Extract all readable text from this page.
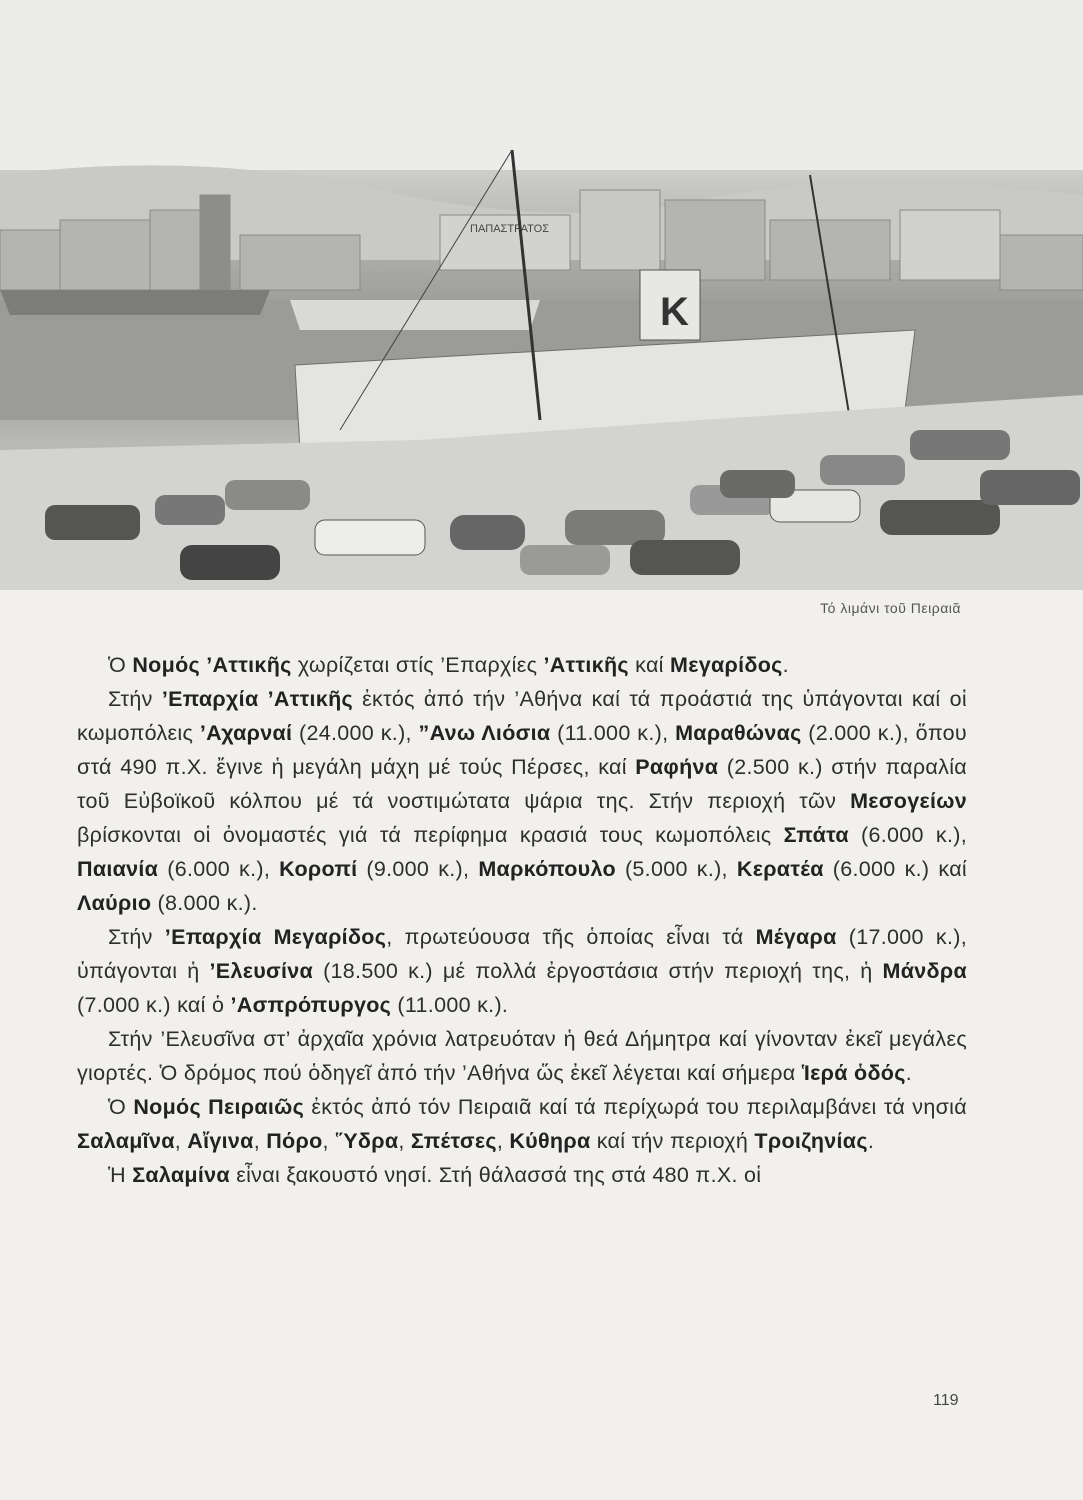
K
ΠΑΠΑΣΤΡΑΤΟΣ
Τό λιμάνι τοῦ Πειραιᾶ

Ὁ Νομός ’Αττικῆς χωρίζεται στίς ’Επαρχίες ’Αττικῆς καί Μεγαρίδος.

Στήν ’Επαρχία ’Αττικῆς ἐκτός ἀπό τήν ’Αθήνα καί τά προάστιά της ὑπάγονται καί οἱ κωμοπόλεις ’Αχαρναί (24.000 κ.), ”Ανω Λιόσια (11.000 κ.), Μαραθώνας (2.000 κ.), ὅπου στά 490 π.Χ. ἔγινε ἡ μεγάλη μάχη μέ τούς Πέρσες, καί Ραφήνα (2.500 κ.) στήν παραλία τοῦ Εὐβοϊκοῦ κόλπου μέ τά νοστιμώτατα ψάρια της. Στήν περιοχή τῶν Μεσογείων βρίσκονται οἱ ὀνομαστές γιά τά περίφημα κρασιά τους κωμοπόλεις Σπάτα (6.000 κ.), Παιανία (6.000 κ.), Κοροπί (9.000 κ.), Μαρκόπουλο (5.000 κ.), Κερατέα (6.000 κ.) καί Λαύριο (8.000 κ.).

Στήν ’Επαρχία Μεγαρίδος, πρωτεύουσα τῆς ὁποίας εἶναι τά Μέγαρα (17.000 κ.), ὑπάγονται ἡ ’Ελευσίνα (18.500 κ.) μέ πολλά ἐργοστάσια στήν περιοχή της, ἡ Μάνδρα (7.000 κ.) καί ὁ ’Ασπρόπυργος (11.000 κ.).

Στήν ’Ελευσῖνα στ’ ἀρχαῖα χρόνια λατρευόταν ἡ θεά Δήμητρα καί γίνονταν ἐκεῖ μεγάλες γιορτές. Ὁ δρόμος πού ὁδηγεῖ ἀπό τήν ’Αθήνα ὥς ἐκεῖ λέγεται καί σήμερα Ἱερά ὁδός.

Ὁ Νομός Πειραιῶς ἐκτός ἀπό τόν Πειραιᾶ καί τά περίχωρά του περιλαμβάνει τά νησιά Σαλαμῖνα, Αἴγινα, Πόρο, Ὕδρα, Σπέτσες, Κύθηρα καί τήν περιοχή Τροιζηνίας.

Ἡ Σαλαμίνα εἶναι ξακουστό νησί. Στή θάλασσά της στά 480 π.Χ. οἱ

119
